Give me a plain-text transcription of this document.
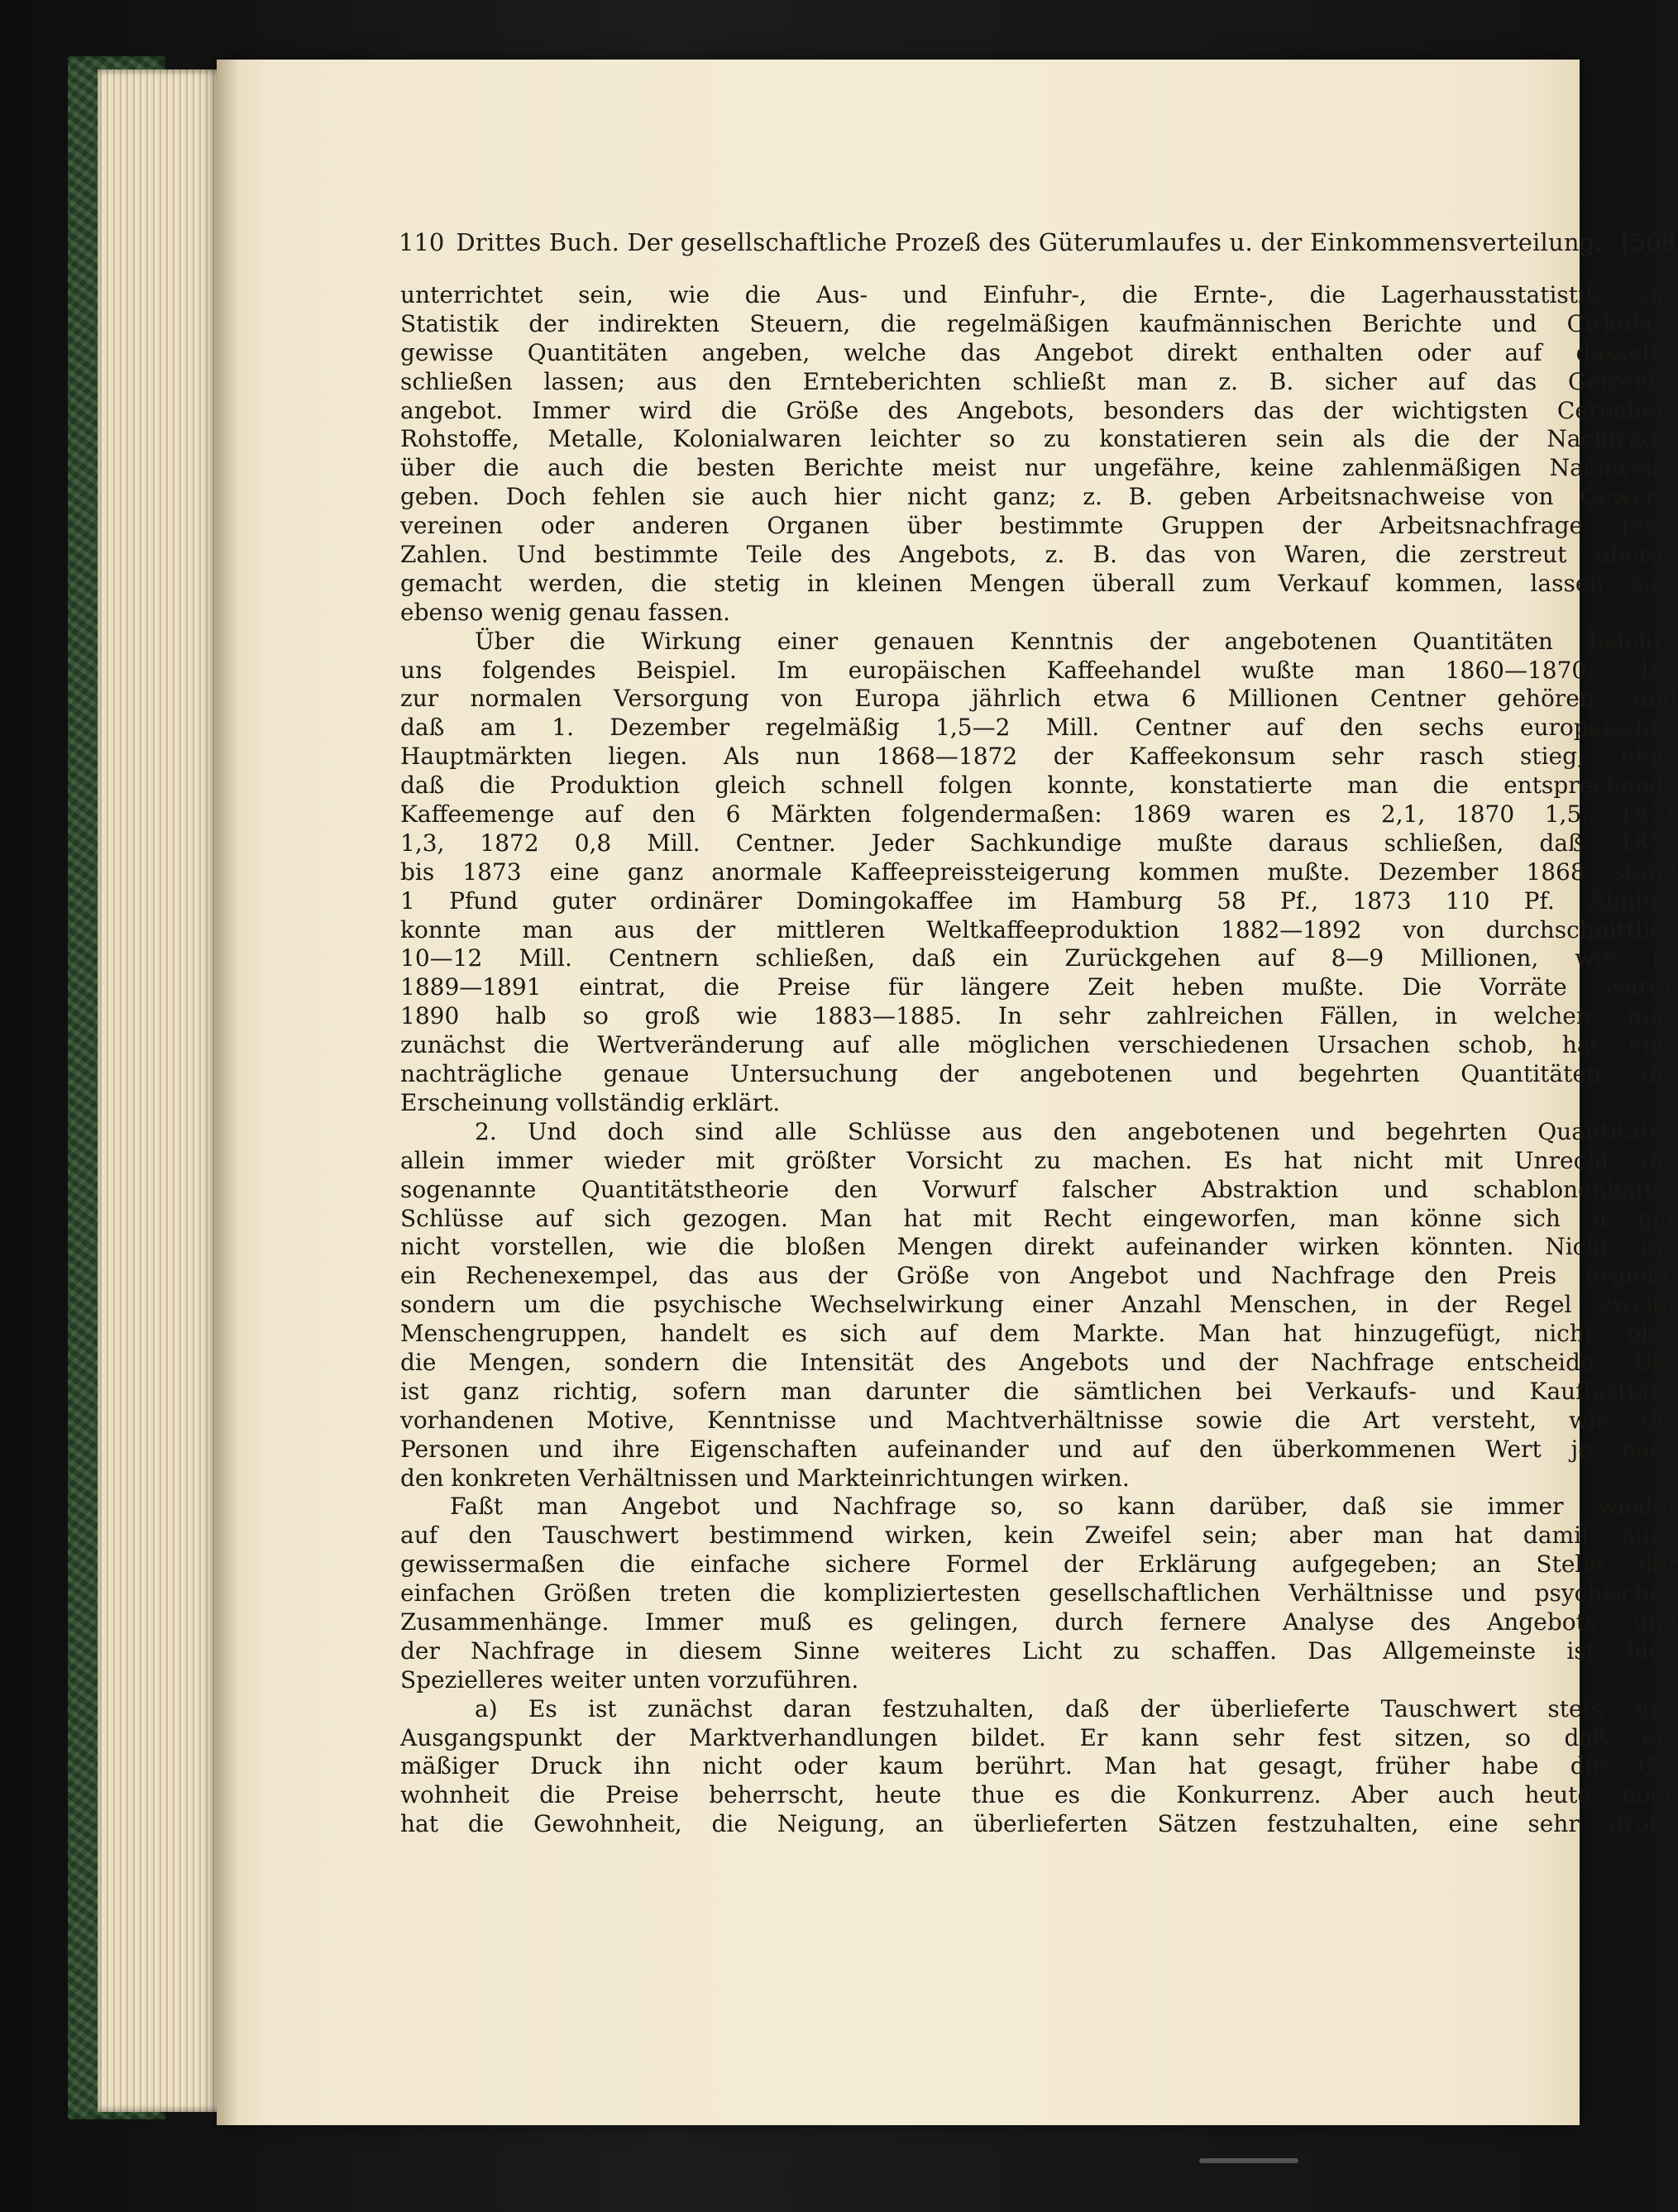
110 Drittes Buch. Der gesellschaftliche Prozeß des Güterumlaufes u. der Einkommensverteilung. [568
unterrichtet sein, wie die Aus- und Einfuhr-, die Ernte-, die Lagerhausstatistik, die
Statistik der indirekten Steuern, die regelmäßigen kaufmännischen Berichte und Cirkulare
gewisse Quantitäten angeben, welche das Angebot direkt enthalten oder auf dasselbe
schließen lassen; aus den Ernteberichten schließt man z. B. sicher auf das Getreide-
angebot. Immer wird die Größe des Angebots, besonders das der wichtigsten Cerealien,
Rohstoffe, Metalle, Kolonialwaren leichter so zu konstatieren sein als die der Nachfrage,
über die auch die besten Berichte meist nur ungefähre, keine zahlenmäßigen Nachweise
geben. Doch fehlen sie auch hier nicht ganz; z. B. geben Arbeitsnachweise von Gewerk-
vereinen oder anderen Organen über bestimmte Gruppen der Arbeitsnachfrage feste
Zahlen. Und bestimmte Teile des Angebots, z. B. das von Waren, die zerstreut überall
gemacht werden, die stetig in kleinen Mengen überall zum Verkauf kommen, lassen sich
ebenso wenig genau fassen.
Über die Wirkung einer genauen Kenntnis der angebotenen Quantitäten belehre
uns folgendes Beispiel. Im europäischen Kaffeehandel wußte man 1860—1870, daß
zur normalen Versorgung von Europa jährlich etwa 6 Millionen Centner gehören, und
daß am 1. Dezember regelmäßig 1,5—2 Mill. Centner auf den sechs europäischen
Hauptmärkten liegen. Als nun 1868—1872 der Kaffeekonsum sehr rasch stieg, ohne
daß die Produktion gleich schnell folgen konnte, konstatierte man die entsprechende
Kaffeemenge auf den 6 Märkten folgendermaßen: 1869 waren es 2,1, 1870 1,5, 1871
1,3, 1872 0,8 Mill. Centner. Jeder Sachkundige mußte daraus schließen, daß 1872
bis 1873 eine ganz anormale Kaffeepreissteigerung kommen mußte. Dezember 1868 stand
1 Pfund guter ordinärer Domingokaffee im Hamburg 58 Pf., 1873 110 Pf. Ähnlich
konnte man aus der mittleren Weltkaffeeproduktion 1882—1892 von durchschnittlich
10—12 Mill. Centnern schließen, daß ein Zurückgehen auf 8—9 Millionen, wie es
1889—1891 eintrat, die Preise für längere Zeit heben mußte. Die Vorräte waren
1890 halb so groß wie 1883—1885. In sehr zahlreichen Fällen, in welchen man
zunächst die Wertveränderung auf alle möglichen verschiedenen Ursachen schob, hat eine
nachträgliche genaue Untersuchung der angebotenen und begehrten Quantitäten die
Erscheinung vollständig erklärt.
2. Und doch sind alle Schlüsse aus den angebotenen und begehrten Quantitäten
allein immer wieder mit größter Vorsicht zu machen. Es hat nicht mit Unrecht die
sogenannte Quantitätstheorie den Vorwurf falscher Abstraktion und schablonenhafter
Schlüsse auf sich gezogen. Man hat mit Recht eingeworfen, man könne sich u gar
nicht vorstellen, wie die bloßen Mengen direkt aufeinander wirken könnten. Nicht um
ein Rechenexempel, das aus der Größe von Angebot und Nachfrage den Preis ergiebt,
sondern um die psychische Wechselwirkung einer Anzahl Menschen, in der Regel zweier
Menschengruppen, handelt es sich auf dem Markte. Man hat hinzugefügt, nicht bloß
die Mengen, sondern die Intensität des Angebots und der Nachfrage entscheide. Das
ist ganz richtig, sofern man darunter die sämtlichen bei Verkaufs- und Kauflustigen
vorhandenen Motive, Kenntnisse und Machtverhältnisse sowie die Art versteht, wie die
Personen und ihre Eigenschaften aufeinander und auf den überkommenen Wert je nach
den konkreten Verhältnissen und Markteinrichtungen wirken.
Faßt man Angebot und Nachfrage so, so kann darüber, daß sie immer wieder
auf den Tauschwert bestimmend wirken, kein Zweifel sein; aber man hat damit auch
gewissermaßen die einfache sichere Formel der Erklärung aufgegeben; an Stelle der
einfachen Größen treten die kompliziertesten gesellschaftlichen Verhältnisse und psychischen
Zusammenhänge. Immer muß es gelingen, durch fernere Analyse des Angebots und
der Nachfrage in diesem Sinne weiteres Licht zu schaffen. Das Allgemeinste ist hier,
Spezielleres weiter unten vorzuführen.
a) Es ist zunächst daran festzuhalten, daß der überlieferte Tauschwert stets den
Ausgangspunkt der Marktverhandlungen bildet. Er kann sehr fest sitzen, so daß ein
mäßiger Druck ihn nicht oder kaum berührt. Man hat gesagt, früher habe die Ge-
wohnheit die Preise beherrscht, heute thue es die Konkurrenz. Aber auch heute noch
hat die Gewohnheit, die Neigung, an überlieferten Sätzen festzuhalten, eine sehr große
